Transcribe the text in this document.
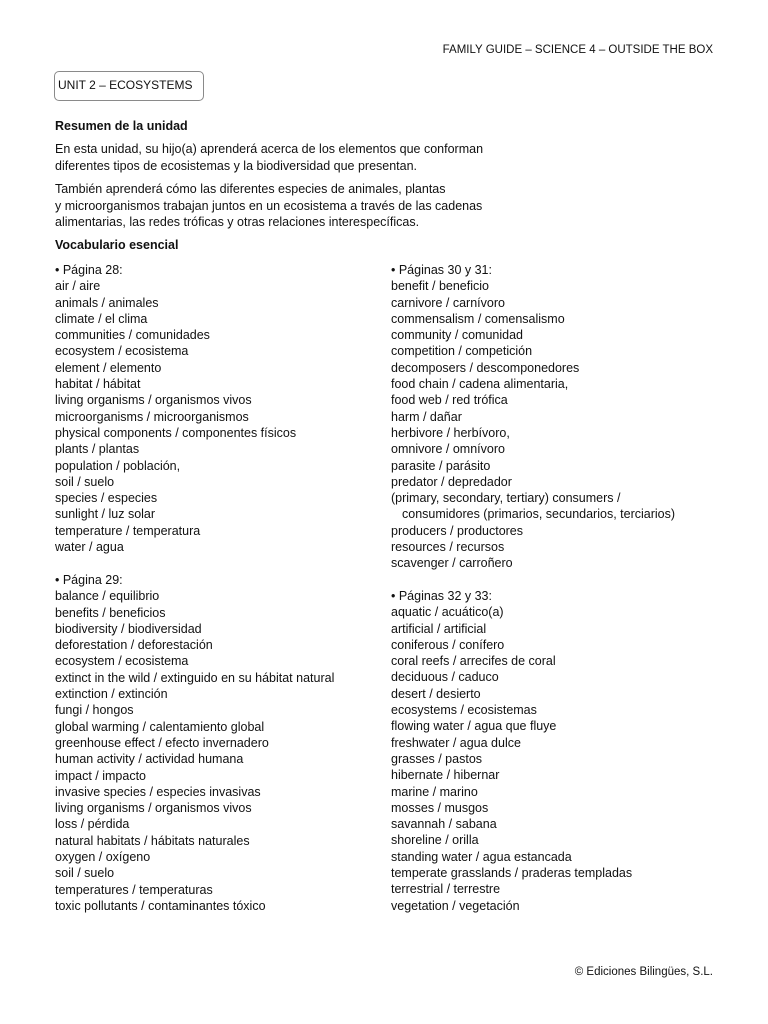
FAMILY GUIDE – SCIENCE 4 – OUTSIDE THE BOX
UNIT 2 – ECOSYSTEMS
Resumen de la unidad

En esta unidad, su hijo(a) aprenderá acerca de los elementos que conforman
diferentes tipos de ecosistemas y la biodiversidad que presentan.

También aprenderá cómo las diferentes especies de animales, plantas
y microorganismos trabajan juntos en un ecosistema a través de las cadenas
alimentarias, las redes tróficas y otras relaciones interespecíficas.

Vocabulario esencial
• Página 28:
air / aire
animals / animales
climate / el clima
communities / comunidades
ecosystem / ecosistema
element / elemento
habitat / hábitat
living organisms / organismos vivos
microorganisms / microorganismos
physical components / componentes físicos
plants / plantas
population / población,
soil / suelo
species / especies
sunlight / luz solar
temperature / temperatura
water / agua
• Página 29:
balance / equilibrio
benefits / beneficios
biodiversity / biodiversidad
deforestation / deforestación
ecosystem / ecosistema
extinct in the wild / extinguido en su hábitat natural
extinction / extinción
fungi / hongos
global warming / calentamiento global
greenhouse effect / efecto invernadero
human activity / actividad humana
impact / impacto
invasive species / especies invasivas
living organisms / organismos vivos
loss / pérdida
natural habitats / hábitats naturales
oxygen / oxígeno
soil / suelo
temperatures / temperaturas
toxic pollutants / contaminantes tóxico
• Páginas 30 y 31:
benefit / beneficio
carnivore / carnívoro
commensalism / comensalismo
community / comunidad
competition / competición
decomposers / descomponedores
food chain / cadena alimentaria,
food web / red trófica
harm / dañar
herbivore / herbívoro,
omnivore / omnívoro
parasite / parásito
predator / depredador
(primary, secondary, tertiary) consumers /
consumidores (primarios, secundarios, terciarios)
producers / productores
resources / recursos
scavenger / carroñero
• Páginas 32 y 33:
aquatic / acuático(a)
artificial / artificial
coniferous / conífero
coral reefs / arrecifes de coral
deciduous / caduco
desert / desierto
ecosystems / ecosistemas
flowing water / agua que fluye
freshwater / agua dulce
grasses / pastos
hibernate / hibernar
marine / marino
mosses / musgos
savannah / sabana
shoreline / orilla
standing water / agua estancada
temperate grasslands / praderas templadas
terrestrial / terrestre
vegetation / vegetación
© Ediciones Bilingües, S.L.
